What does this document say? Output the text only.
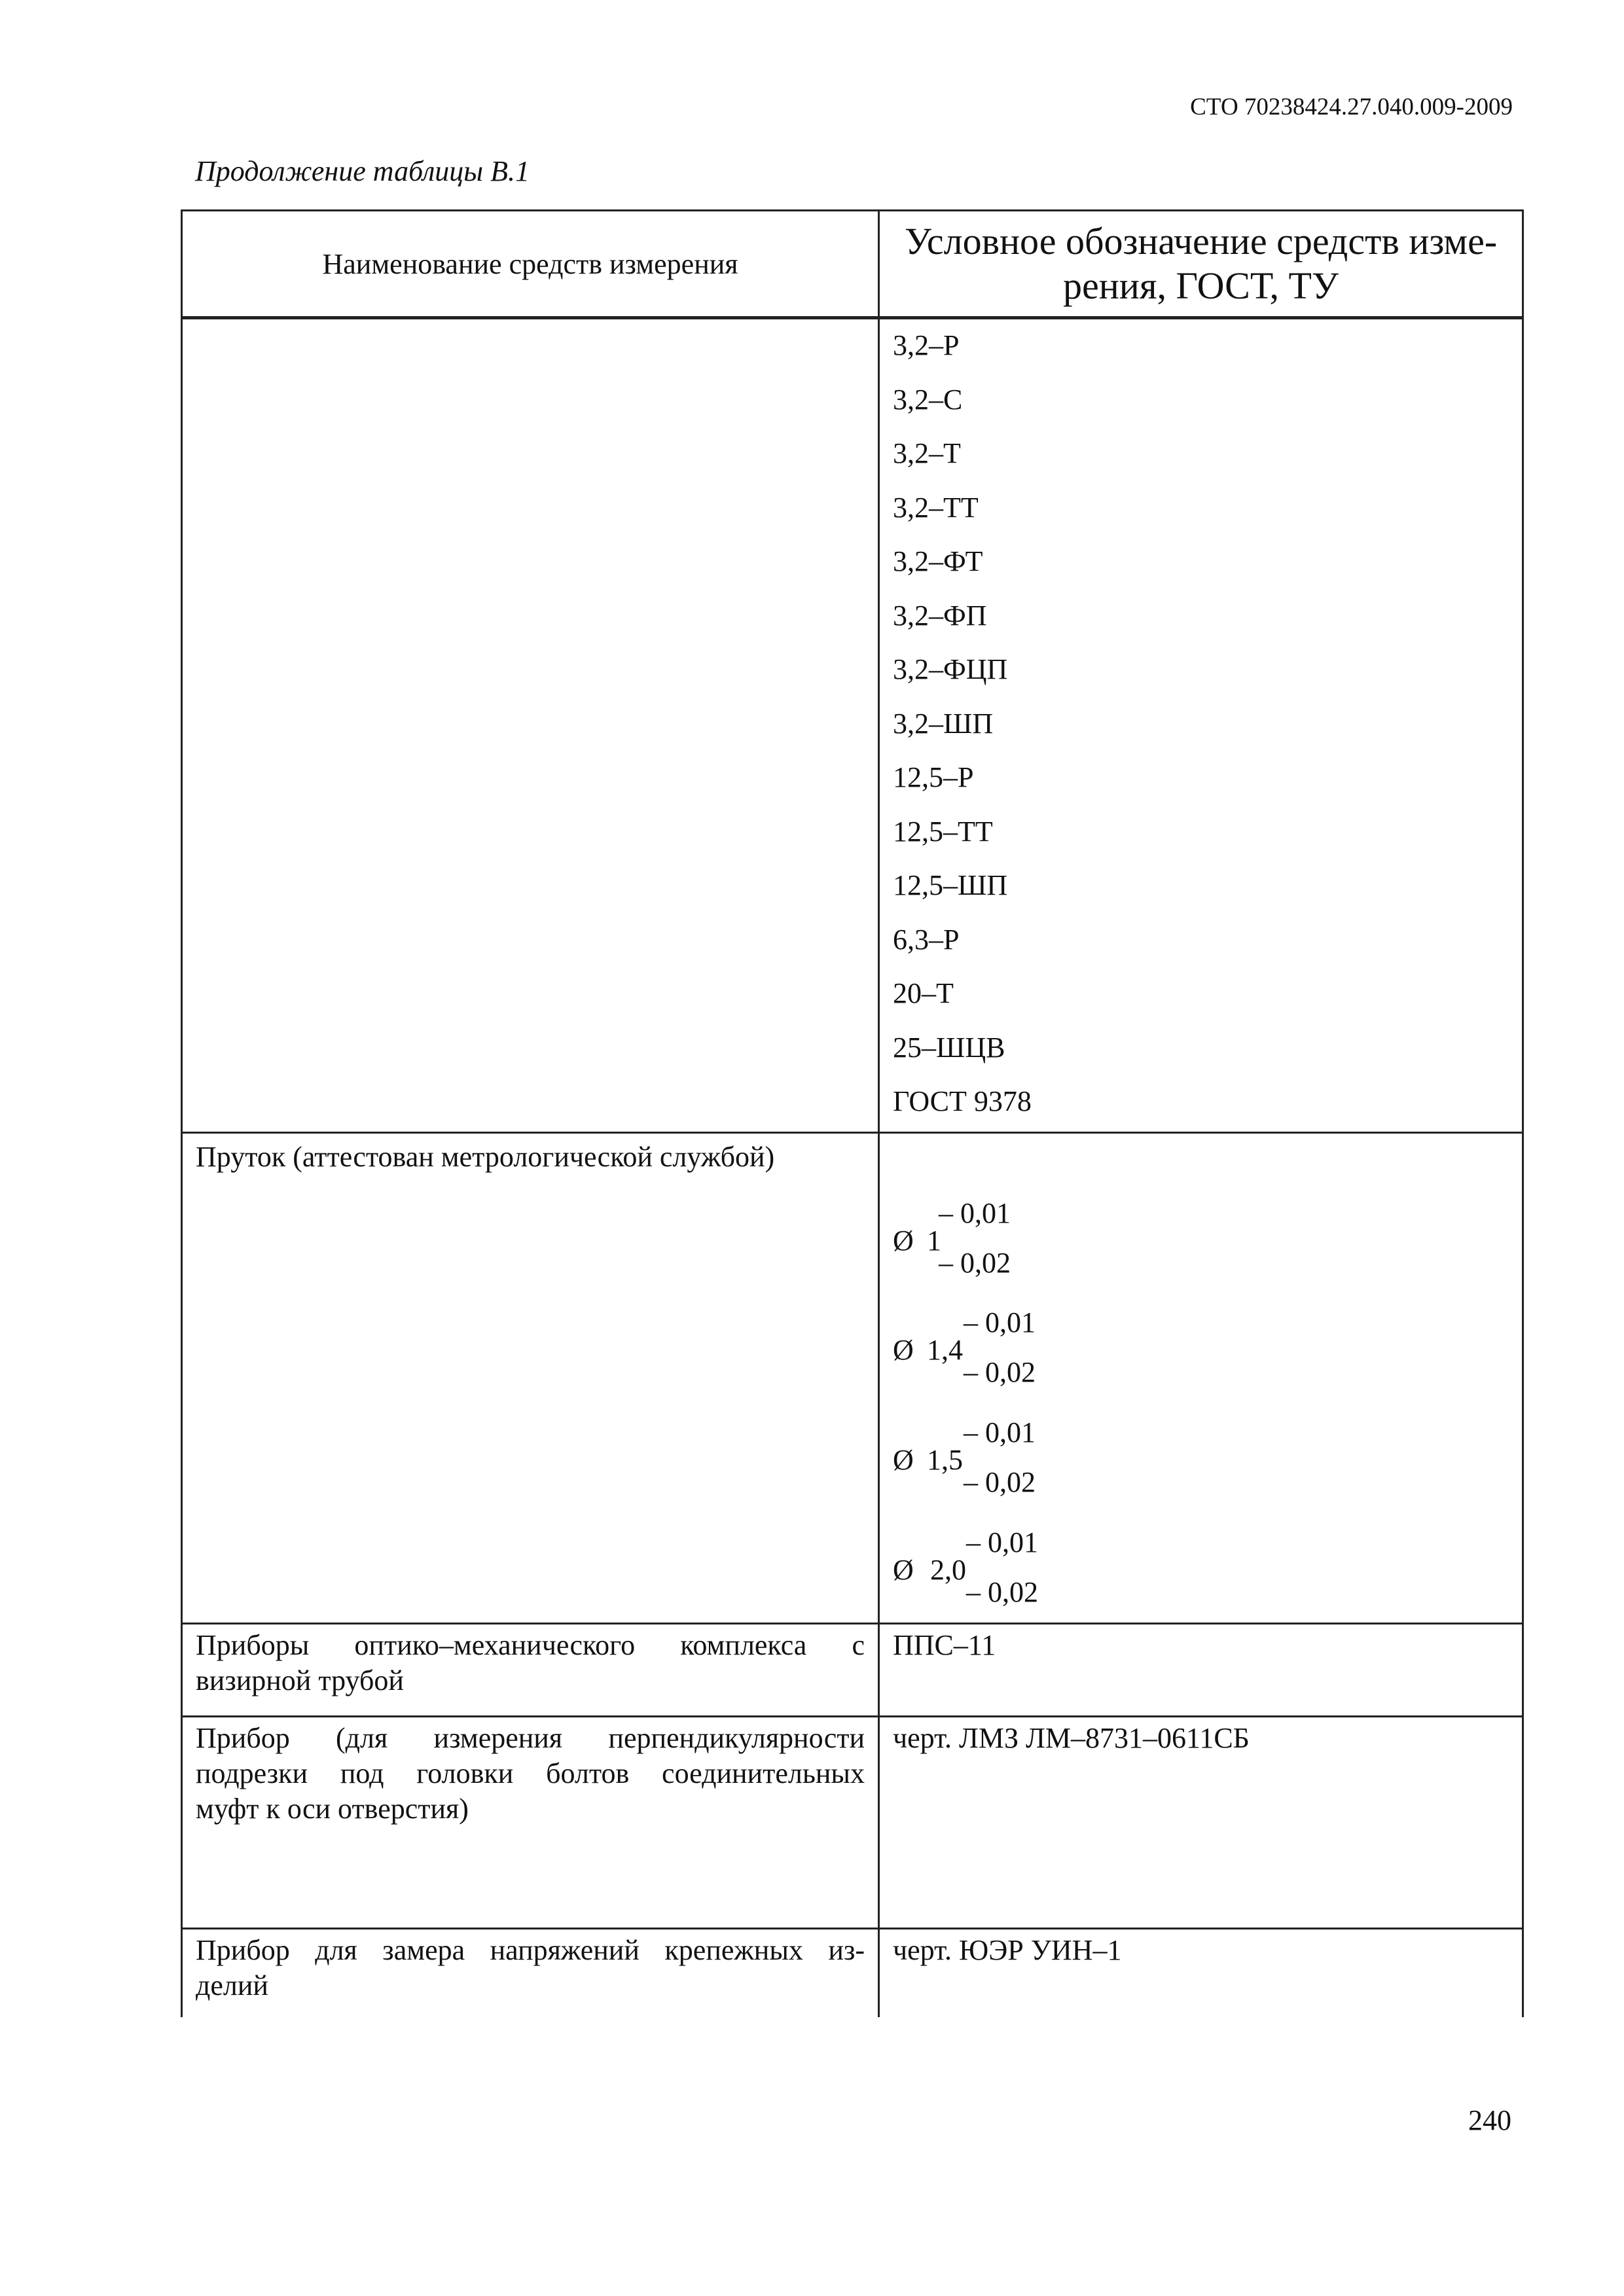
СТО 70238424.27.040.009-2009
Продолжение таблицы В.1
Наименование средств измерения
Условное обозначение средств изме-
рения, ГОСТ, ТУ
3,2–Р
3,2–С
3,2–Т
3,2–ТТ
3,2–ФТ
3,2–ФП
3,2–ФЦП
3,2–ШП
12,5–Р
12,5–ТТ
12,5–ШП
6,3–Р
20–Т
25–ШЦВ
ГОСТ 9378
Пруток (аттестован метрологической службой)
Ø 1
– 0,01
– 0,02
Ø 1,4
– 0,01
– 0,02
Ø 1,5
– 0,01
– 0,02
Ø 2,0
– 0,01
– 0,02
Приборы оптико–механического комплекса с
визирной трубой
ППС–11
Прибор (для измерения перпендикулярности
подрезки под головки болтов соединительных
муфт к оси отверстия)
черт. ЛМЗ ЛМ–8731–0611СБ
Прибор для замера напряжений крепежных из-
делий
черт. ЮЭР УИН–1
240
